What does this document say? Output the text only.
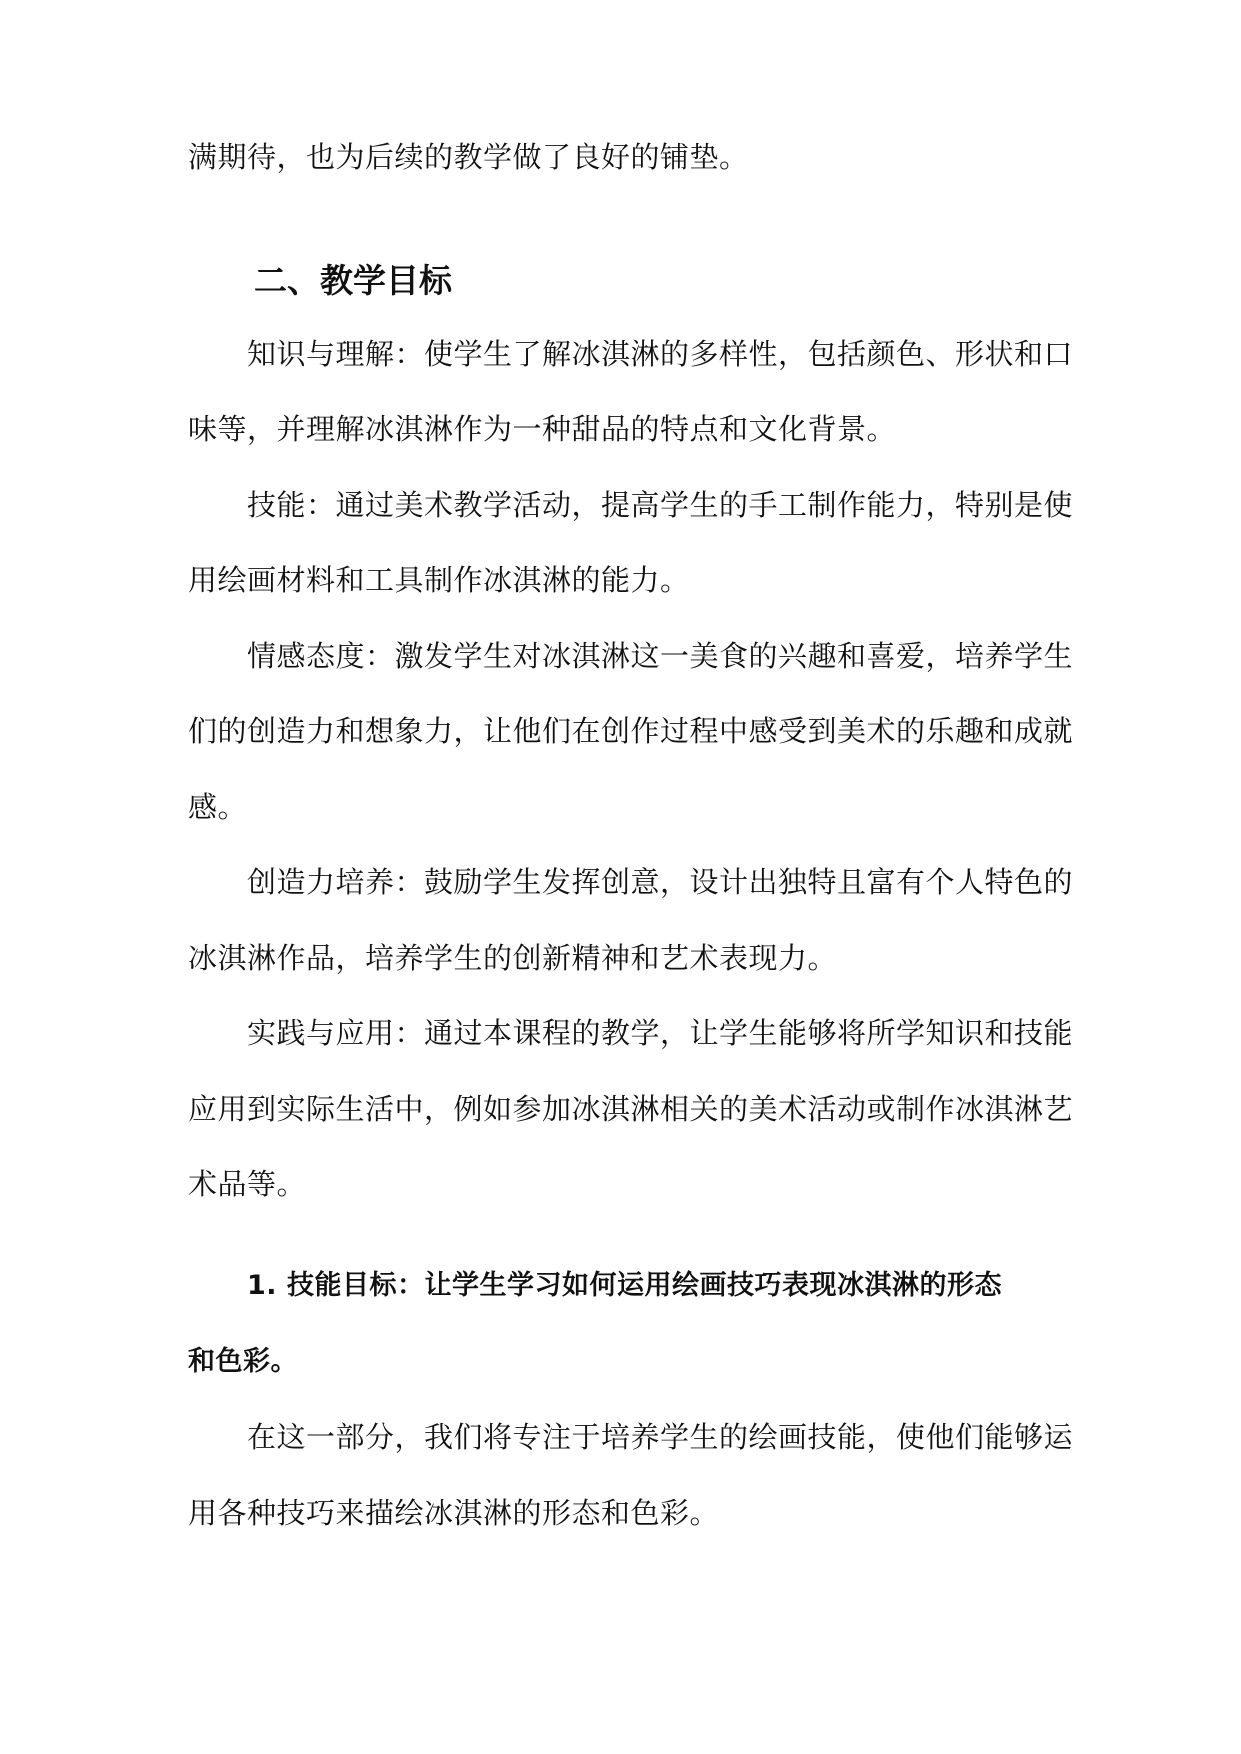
满期待，也为后续的教学做了良好的铺垫。

二、教学目标

知识与理解：使学生了解冰淇淋的多样性，包括颜色、形状和口

味等，并理解冰淇淋作为一种甜品的特点和文化背景。

技能：通过美术教学活动，提高学生的手工制作能力，特别是使

用绘画材料和工具制作冰淇淋的能力。

情感态度：激发学生对冰淇淋这一美食的兴趣和喜爱，培养学生

们的创造力和想象力，让他们在创作过程中感受到美术的乐趣和成就

感。

创造力培养：鼓励学生发挥创意，设计出独特且富有个人特色的

冰淇淋作品，培养学生的创新精神和艺术表现力。

实践与应用：通过本课程的教学，让学生能够将所学知识和技能

应用到实际生活中，例如参加冰淇淋相关的美术活动或制作冰淇淋艺

术品等。

1. 技能目标：让学生学习如何运用绘画技巧表现冰淇淋的形态

和色彩。

在这一部分，我们将专注于培养学生的绘画技能，使他们能够运

用各种技巧来描绘冰淇淋的形态和色彩。
